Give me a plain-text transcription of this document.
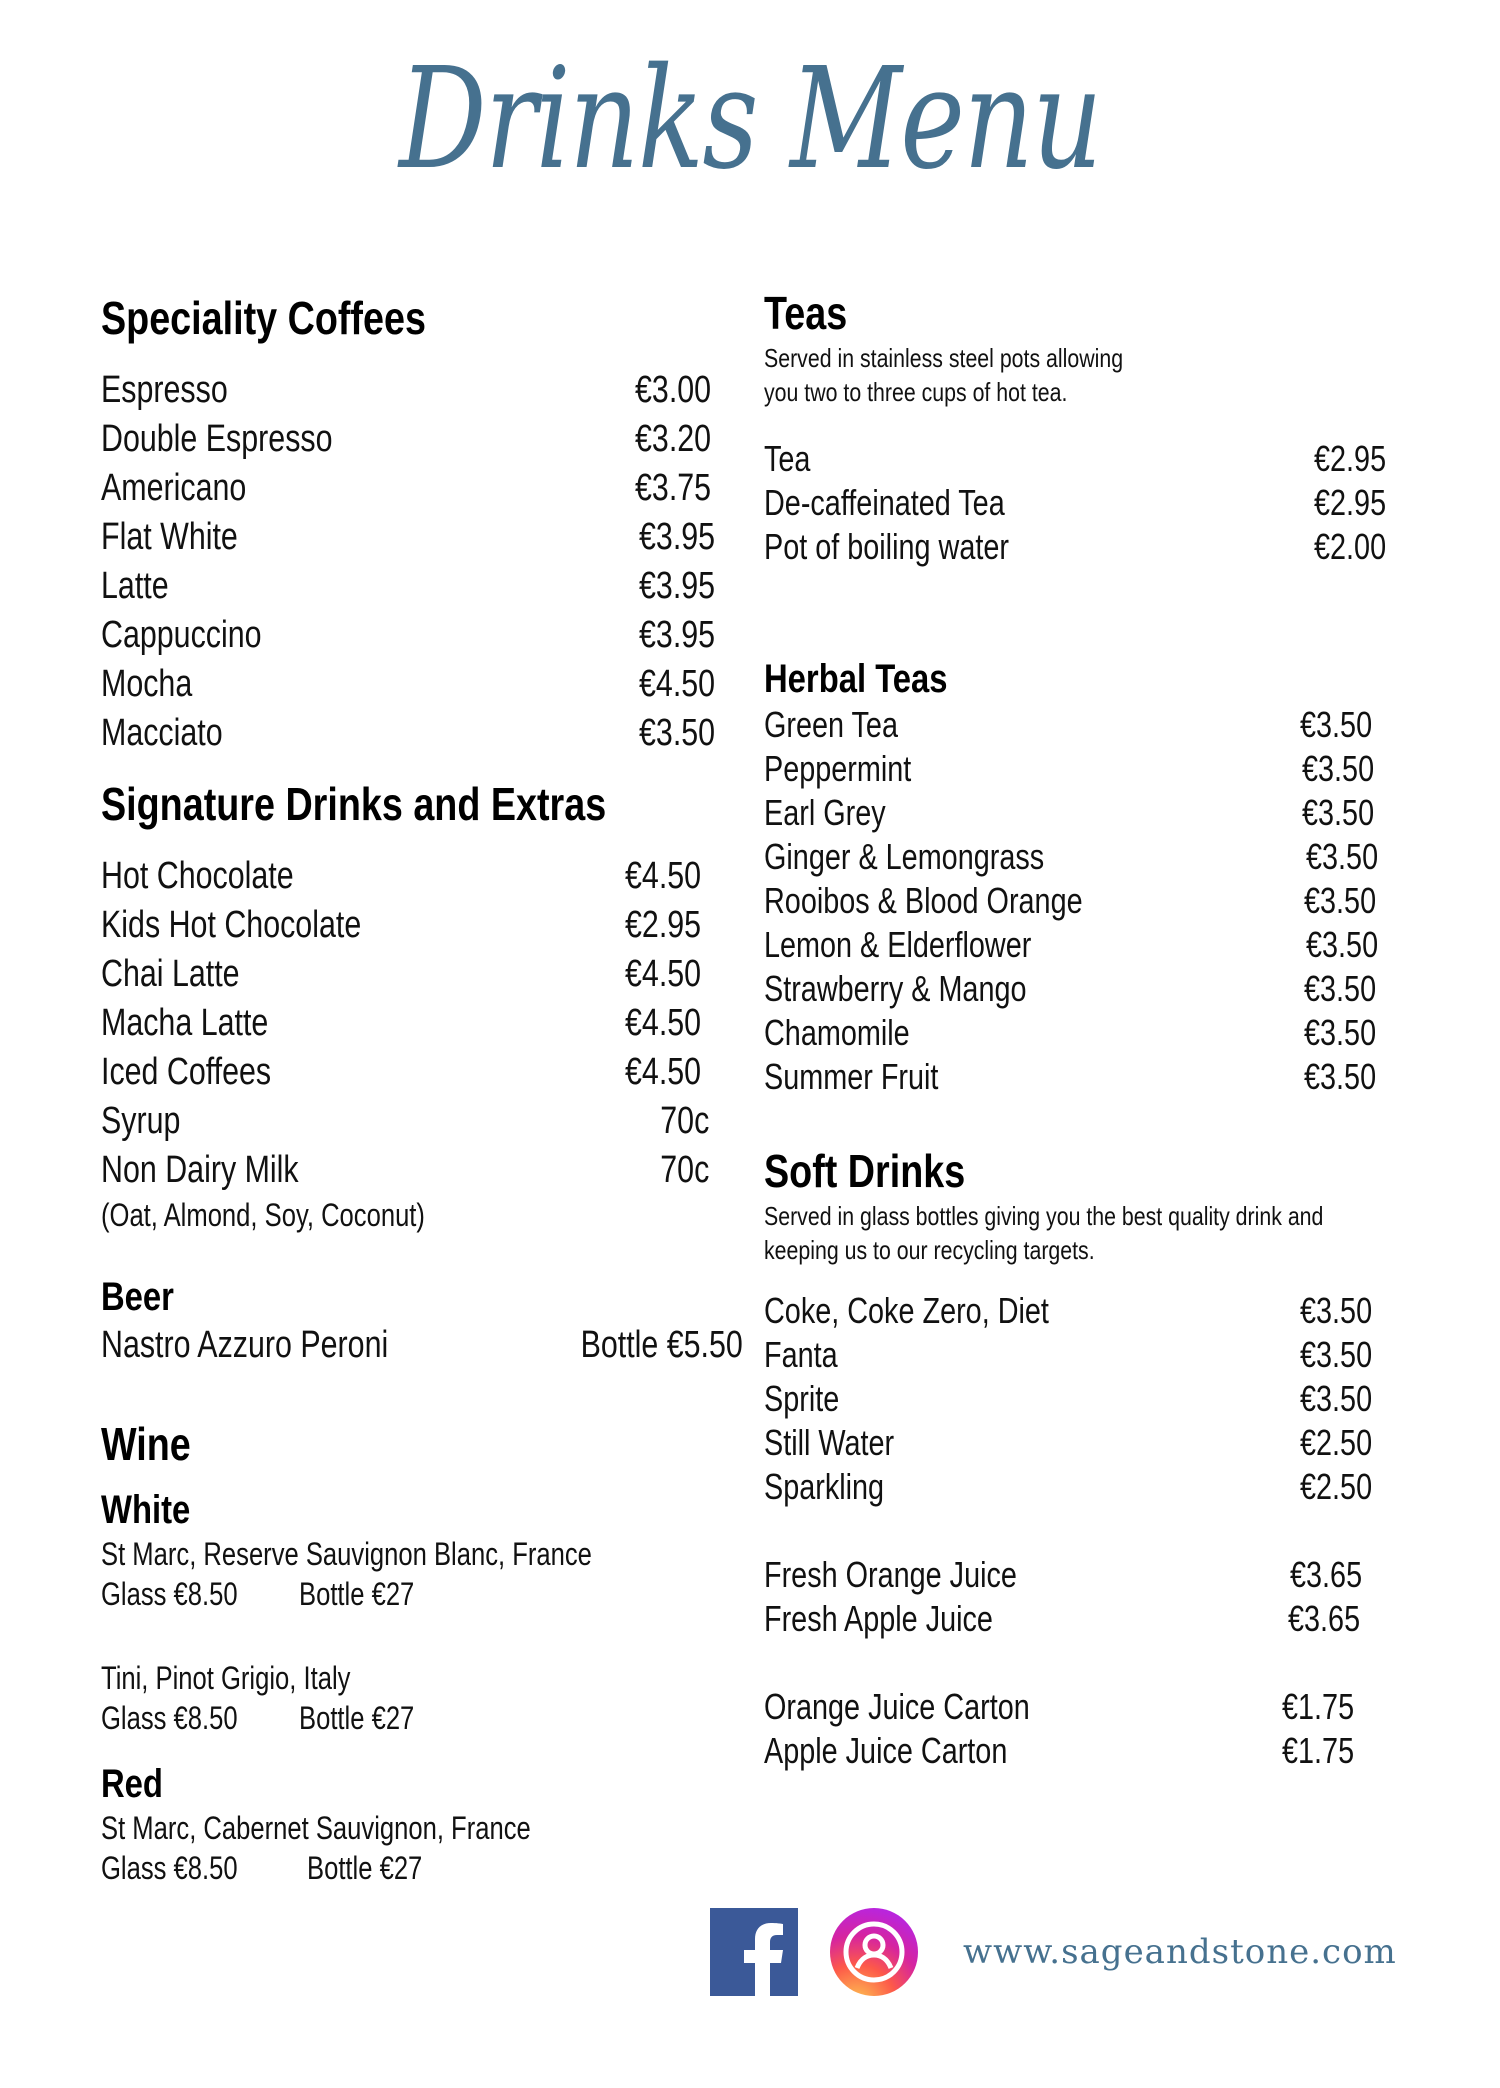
Drinks Menu
Speciality Coffees
Espresso	€3.00
Double Espresso	€3.20
Americano	€3.75
Flat White	€3.95
Latte	€3.95
Cappuccino	€3.95
Mocha	€4.50
Macciato	€3.50
Signature Drinks and Extras
Hot Chocolate	€4.50
Kids Hot Chocolate	€2.95
Chai Latte	€4.50
Macha Latte	€4.50
Iced Coffees	€4.50
Syrup	70c
Non Dairy Milk	70c
(Oat, Almond, Soy, Coconut)
Beer
Nastro Azzuro Peroni	Bottle €5.50
Wine
White
St Marc, Reserve Sauvignon Blanc, France
Glass €8.50 Bottle €27
Tini, Pinot Grigio, Italy
Glass €8.50 Bottle €27
Red
St Marc, Cabernet Sauvignon, France
Glass €8.50 Bottle €27
Teas
Served in stainless steel pots allowing
you two to three cups of hot tea.
Tea	€2.95
De-caffeinated Tea	€2.95
Pot of boiling water	€2.00
Herbal Teas
Green Tea	€3.50
Peppermint	€3.50
Earl Grey	€3.50
Ginger & Lemongrass	€3.50
Rooibos & Blood Orange	€3.50
Lemon & Elderflower	€3.50
Strawberry & Mango	€3.50
Chamomile	€3.50
Summer Fruit	€3.50
Soft Drinks
Served in glass bottles giving you the best quality drink and
keeping us to our recycling targets.
Coke, Coke Zero, Diet	€3.50
Fanta	€3.50
Sprite	€3.50
Still Water	€2.50
Sparkling	€2.50
Fresh Orange Juice	€3.65
Fresh Apple Juice	€3.65
Orange Juice Carton	€1.75
Apple Juice Carton	€1.75
www.sageandstone.com
